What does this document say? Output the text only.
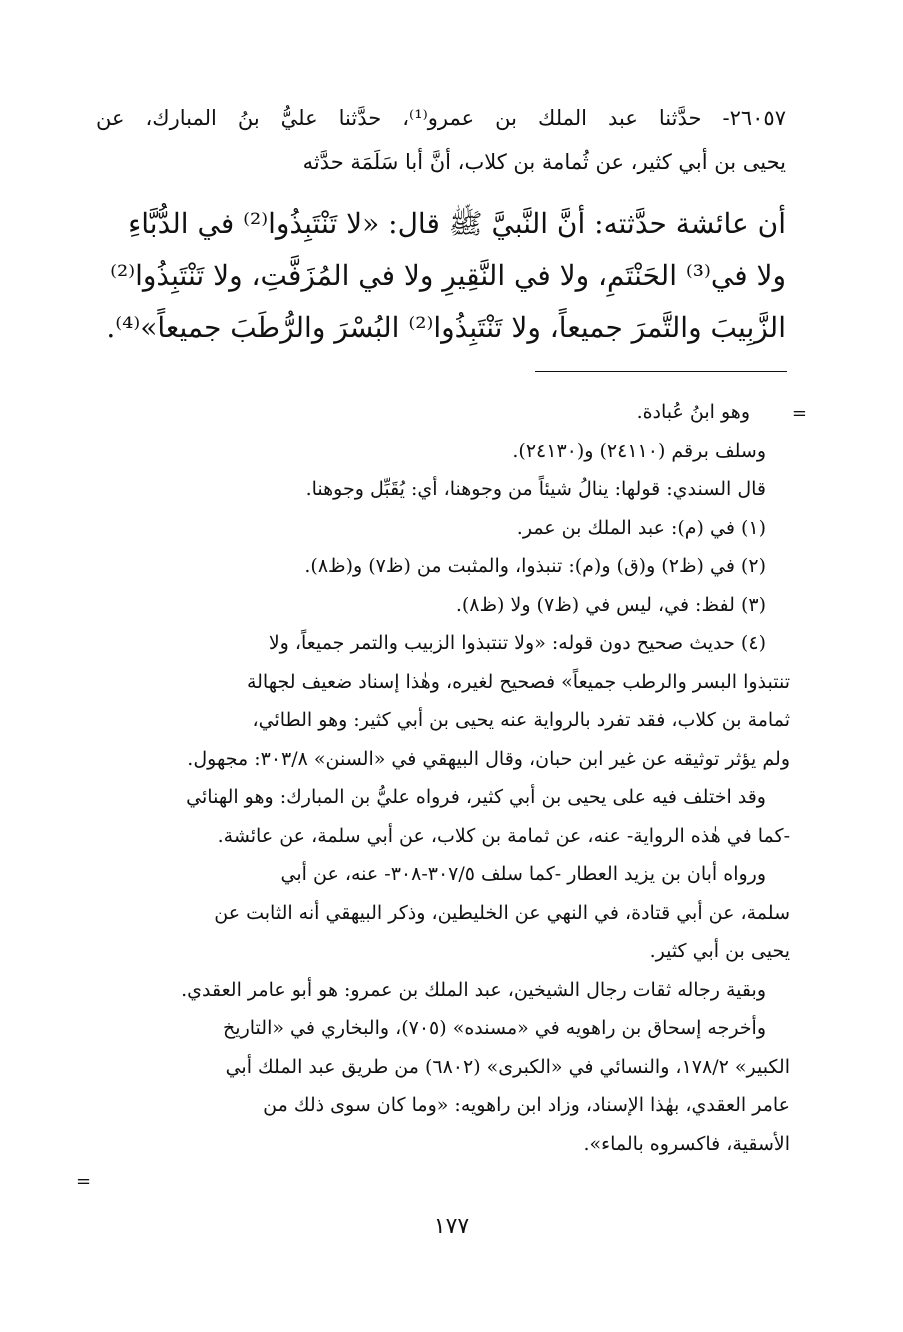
٢٦٠٥٧- حدَّثنا عبد الملك بن عمرو⁽¹⁾، حدَّثنا عليُّ بنُ المبارك، عن
يحيى بن أبي كثير، عن ثُمامة بن كلاب، أنَّ أبا سَلَمَة حدَّثه
أن عائشة حدَّثته: أنَّ النَّبيَّ ﷺ قال: «لا تَنْتَبِذُوا⁽²⁾ في الدُّبَّاءِ
ولا في⁽³⁾ الحَنْتَمِ، ولا في النَّقِيرِ ولا في المُزَفَّتِ، ولا تَنْتَبِذُوا⁽²⁾
الزَّبِيبَ والتَّمرَ جميعاً، ولا تَنْتَبِذُوا⁽²⁾ البُسْرَ والرُّطَبَ جميعاً»⁽⁴⁾.
=
وهو ابنُ عُبادة.
وسلف برقم (٢٤١١٠) و(٢٤١٣٠).
قال السندي: قولها: ينالُ شيئاً من وجوهنا، أي: يُقَبِّل وجوهنا.
(١) في (م): عبد الملك بن عمر.
(٢) في (ظ٢) و(ق) و(م): تنبذوا، والمثبت من (ظ٧) و(ظ٨).
(٣) لفظ: في، ليس في (ظ٧) ولا (ظ٨).
(٤) حديث صحيح دون قوله: «ولا تنتبذوا الزبيب والتمر جميعاً، ولا
تنتبذوا البسر والرطب جميعاً» فصحيح لغيره، وهٰذا إسناد ضعيف لجهالة
ثمامة بن كلاب، فقد تفرد بالرواية عنه يحيى بن أبي كثير: وهو الطائي،
ولم يؤثر توثيقه عن غير ابن حبان، وقال البيهقي في «السنن» ٣٠٣/٨: مجهول.
وقد اختلف فيه على يحيى بن أبي كثير، فرواه عليُّ بن المبارك: وهو الهنائي
-كما في هٰذه الرواية- عنه، عن ثمامة بن كلاب، عن أبي سلمة، عن عائشة.
ورواه أبان بن يزيد العطار -كما سلف ٣٠٧/٥-٣٠٨- عنه، عن أبي
سلمة، عن أبي قتادة، في النهي عن الخليطين، وذكر البيهقي أنه الثابت عن
يحيى بن أبي كثير.
وبقية رجاله ثقات رجال الشيخين، عبد الملك بن عمرو: هو أبو عامر العقدي.
وأخرجه إسحاق بن راهويه في «مسنده» (٧٠٥)، والبخاري في «التاريخ
الكبير» ١٧٨/٢، والنسائي في «الكبرى» (٦٨٠٢) من طريق عبد الملك أبي
عامر العقدي، بهٰذا الإسناد، وزاد ابن راهويه: «وما كان سوى ذلك من
الأسقية، فاكسروه بالماء».
=
١٧٧
